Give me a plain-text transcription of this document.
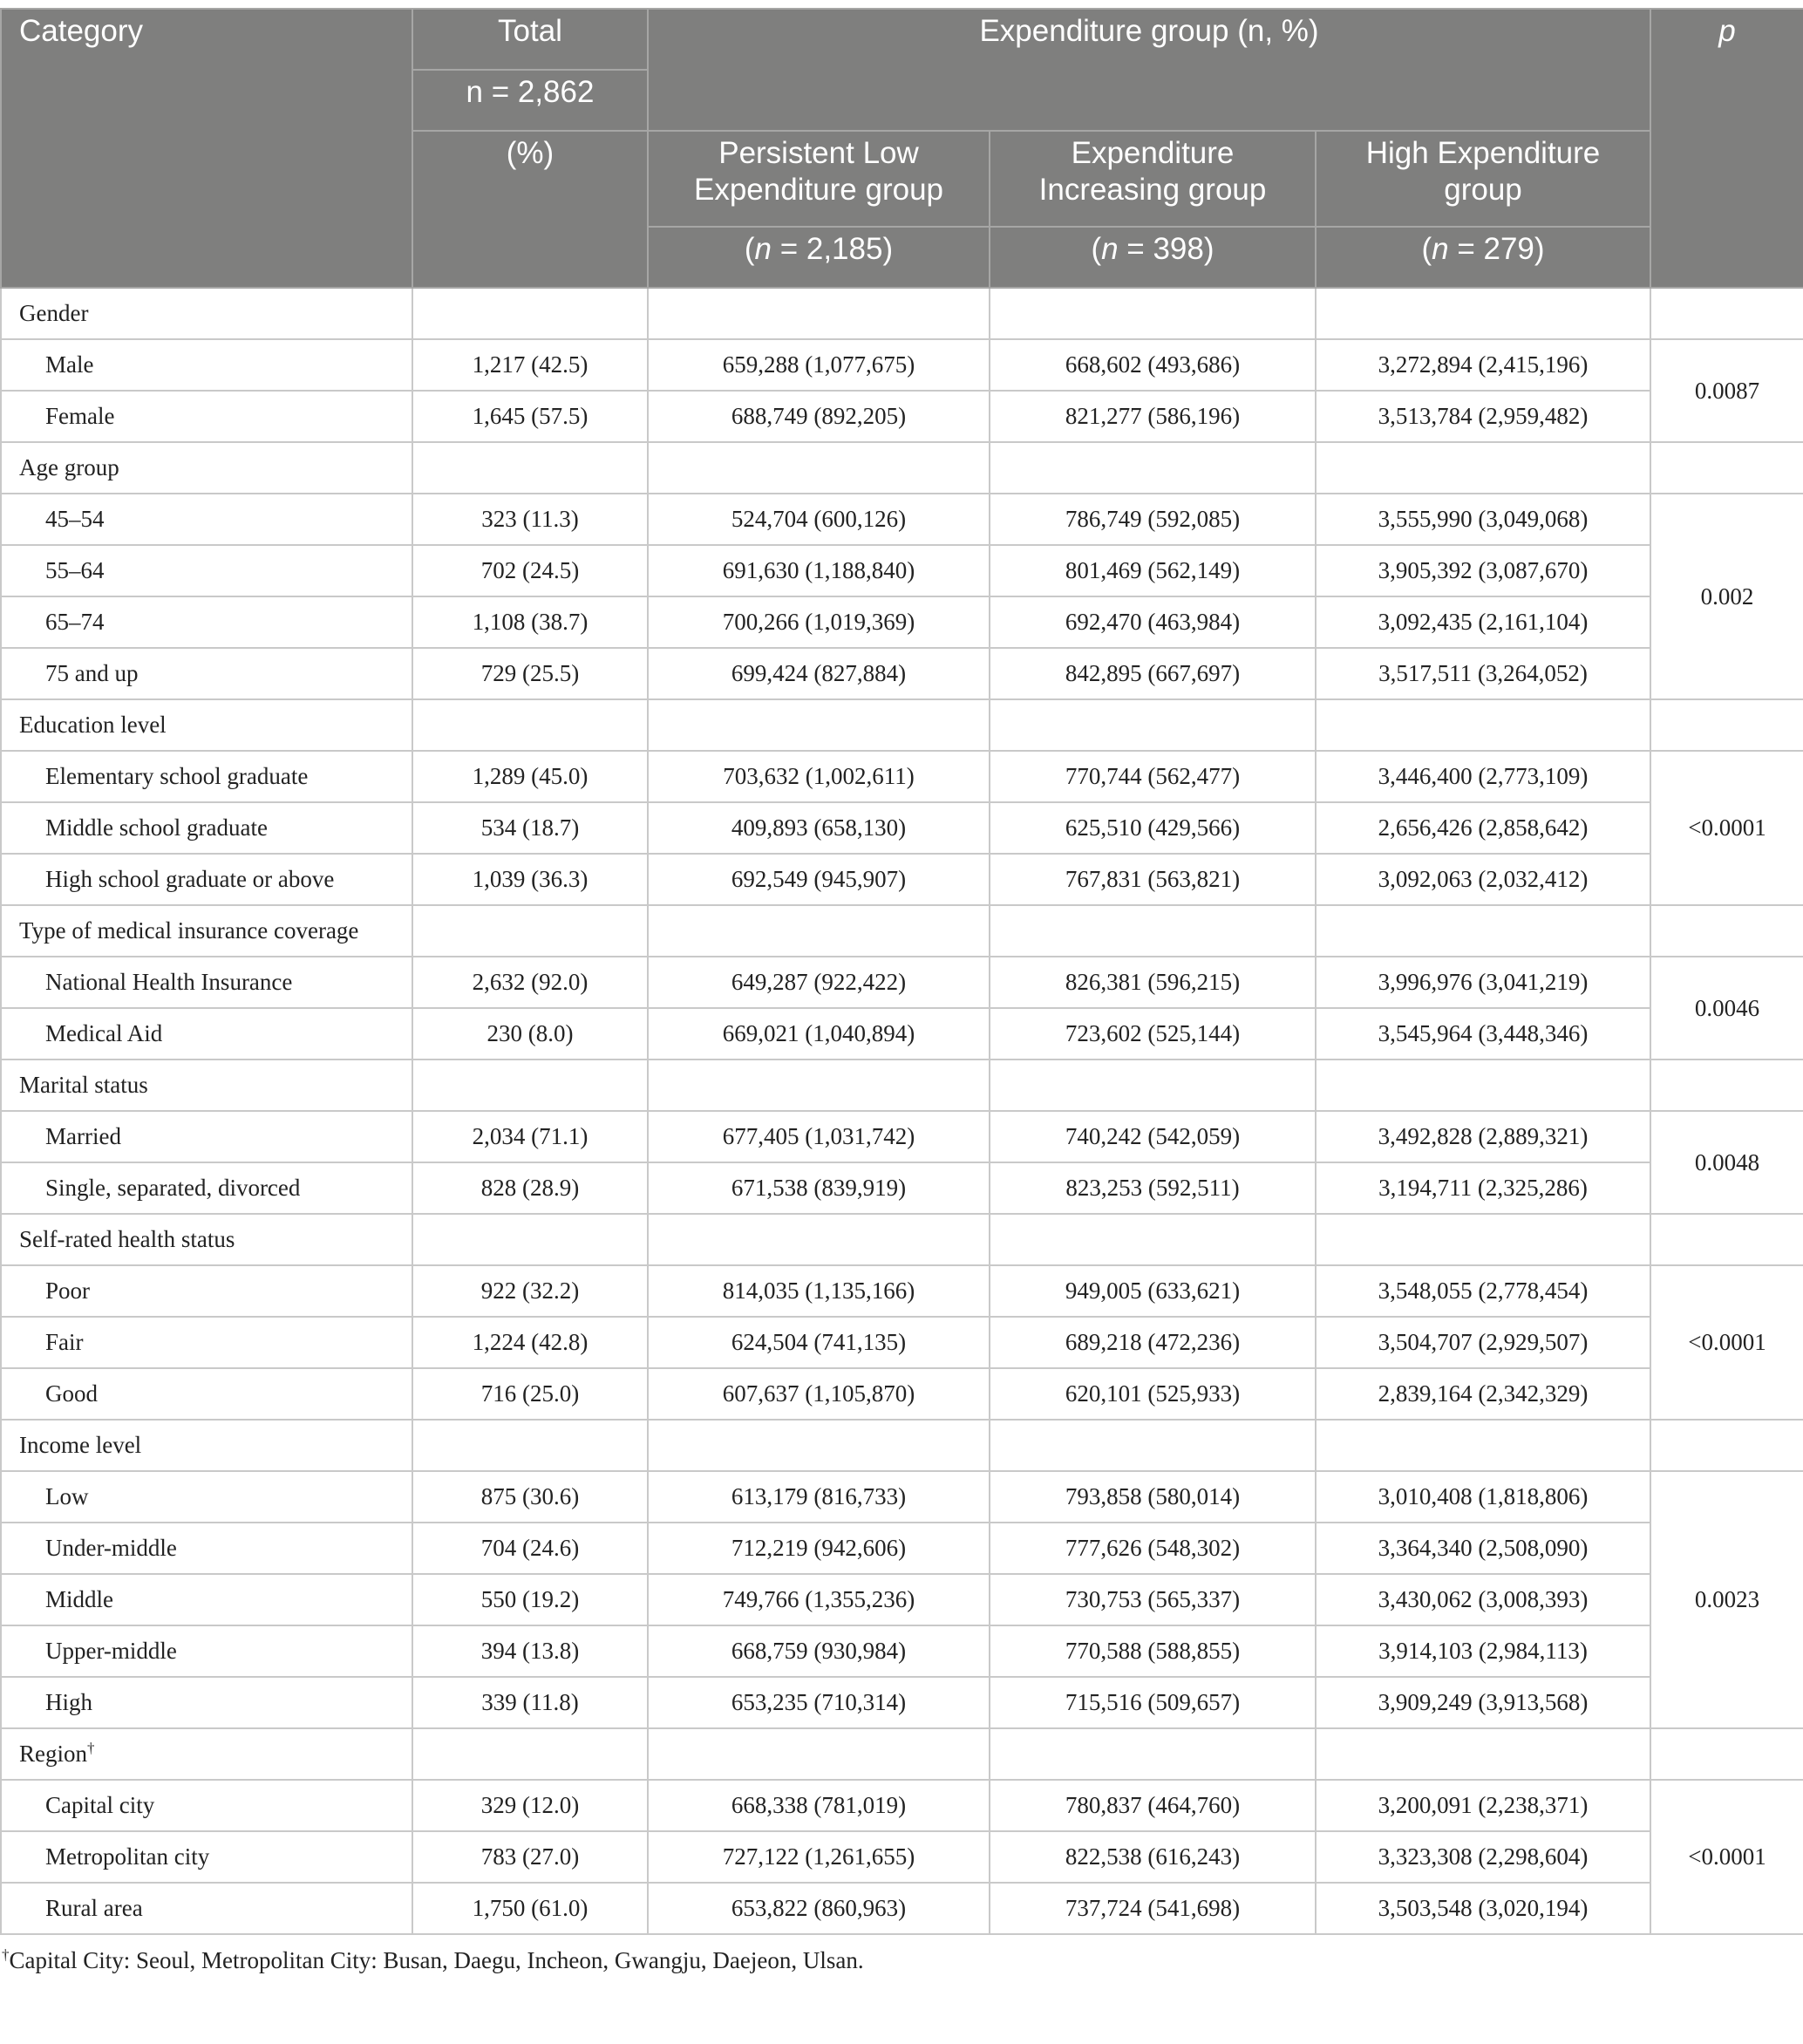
Category	Total	Expenditure group (n, %)			p
	n = 2,862				
	(%)	Persistent Low Expenditure group	Expenditure Increasing group	High Expenditure group	
		(n = 2,185)	(n = 398)	(n = 279)	
Gender					
Male	1,217 (42.5)	659,288 (1,077,675)	668,602 (493,686)	3,272,894 (2,415,196)	0.0087
Female	1,645 (57.5)	688,749 (892,205)	821,277 (586,196)	3,513,784 (2,959,482)	
Age group					
45–54	323 (11.3)	524,704 (600,126)	786,749 (592,085)	3,555,990 (3,049,068)	0.002
55–64	702 (24.5)	691,630 (1,188,840)	801,469 (562,149)	3,905,392 (3,087,670)	
65–74	1,108 (38.7)	700,266 (1,019,369)	692,470 (463,984)	3,092,435 (2,161,104)	
75 and up	729 (25.5)	699,424 (827,884)	842,895 (667,697)	3,517,511 (3,264,052)	
Education level					
Elementary school graduate	1,289 (45.0)	703,632 (1,002,611)	770,744 (562,477)	3,446,400 (2,773,109)	<0.0001
Middle school graduate	534 (18.7)	409,893 (658,130)	625,510 (429,566)	2,656,426 (2,858,642)	
High school graduate or above	1,039 (36.3)	692,549 (945,907)	767,831 (563,821)	3,092,063 (2,032,412)	
Type of medical insurance coverage					
National Health Insurance	2,632 (92.0)	649,287 (922,422)	826,381 (596,215)	3,996,976 (3,041,219)	0.0046
Medical Aid	230 (8.0)	669,021 (1,040,894)	723,602 (525,144)	3,545,964 (3,448,346)	
Marital status					
Married	2,034 (71.1)	677,405 (1,031,742)	740,242 (542,059)	3,492,828 (2,889,321)	0.0048
Single, separated, divorced	828 (28.9)	671,538 (839,919)	823,253 (592,511)	3,194,711 (2,325,286)	
Self-rated health status					
Poor	922 (32.2)	814,035 (1,135,166)	949,005 (633,621)	3,548,055 (2,778,454)	<0.0001
Fair	1,224 (42.8)	624,504 (741,135)	689,218 (472,236)	3,504,707 (2,929,507)	
Good	716 (25.0)	607,637 (1,105,870)	620,101 (525,933)	2,839,164 (2,342,329)	
Income level					
Low	875 (30.6)	613,179 (816,733)	793,858 (580,014)	3,010,408 (1,818,806)	0.0023
Under-middle	704 (24.6)	712,219 (942,606)	777,626 (548,302)	3,364,340 (2,508,090)	
Middle	550 (19.2)	749,766 (1,355,236)	730,753 (565,337)	3,430,062 (3,008,393)	
Upper-middle	394 (13.8)	668,759 (930,984)	770,588 (588,855)	3,914,103 (2,984,113)	
High	339 (11.8)	653,235 (710,314)	715,516 (509,657)	3,909,249 (3,913,568)	
Region†					
Capital city	329 (12.0)	668,338 (781,019)	780,837 (464,760)	3,200,091 (2,238,371)	<0.0001
Metropolitan city	783 (27.0)	727,122 (1,261,655)	822,538 (616,243)	3,323,308 (2,298,604)	
Rural area	1,750 (61.0)	653,822 (860,963)	737,724 (541,698)	3,503,548 (3,020,194)	
†Capital City: Seoul, Metropolitan City: Busan, Daegu, Incheon, Gwangju, Daejeon, Ulsan.
